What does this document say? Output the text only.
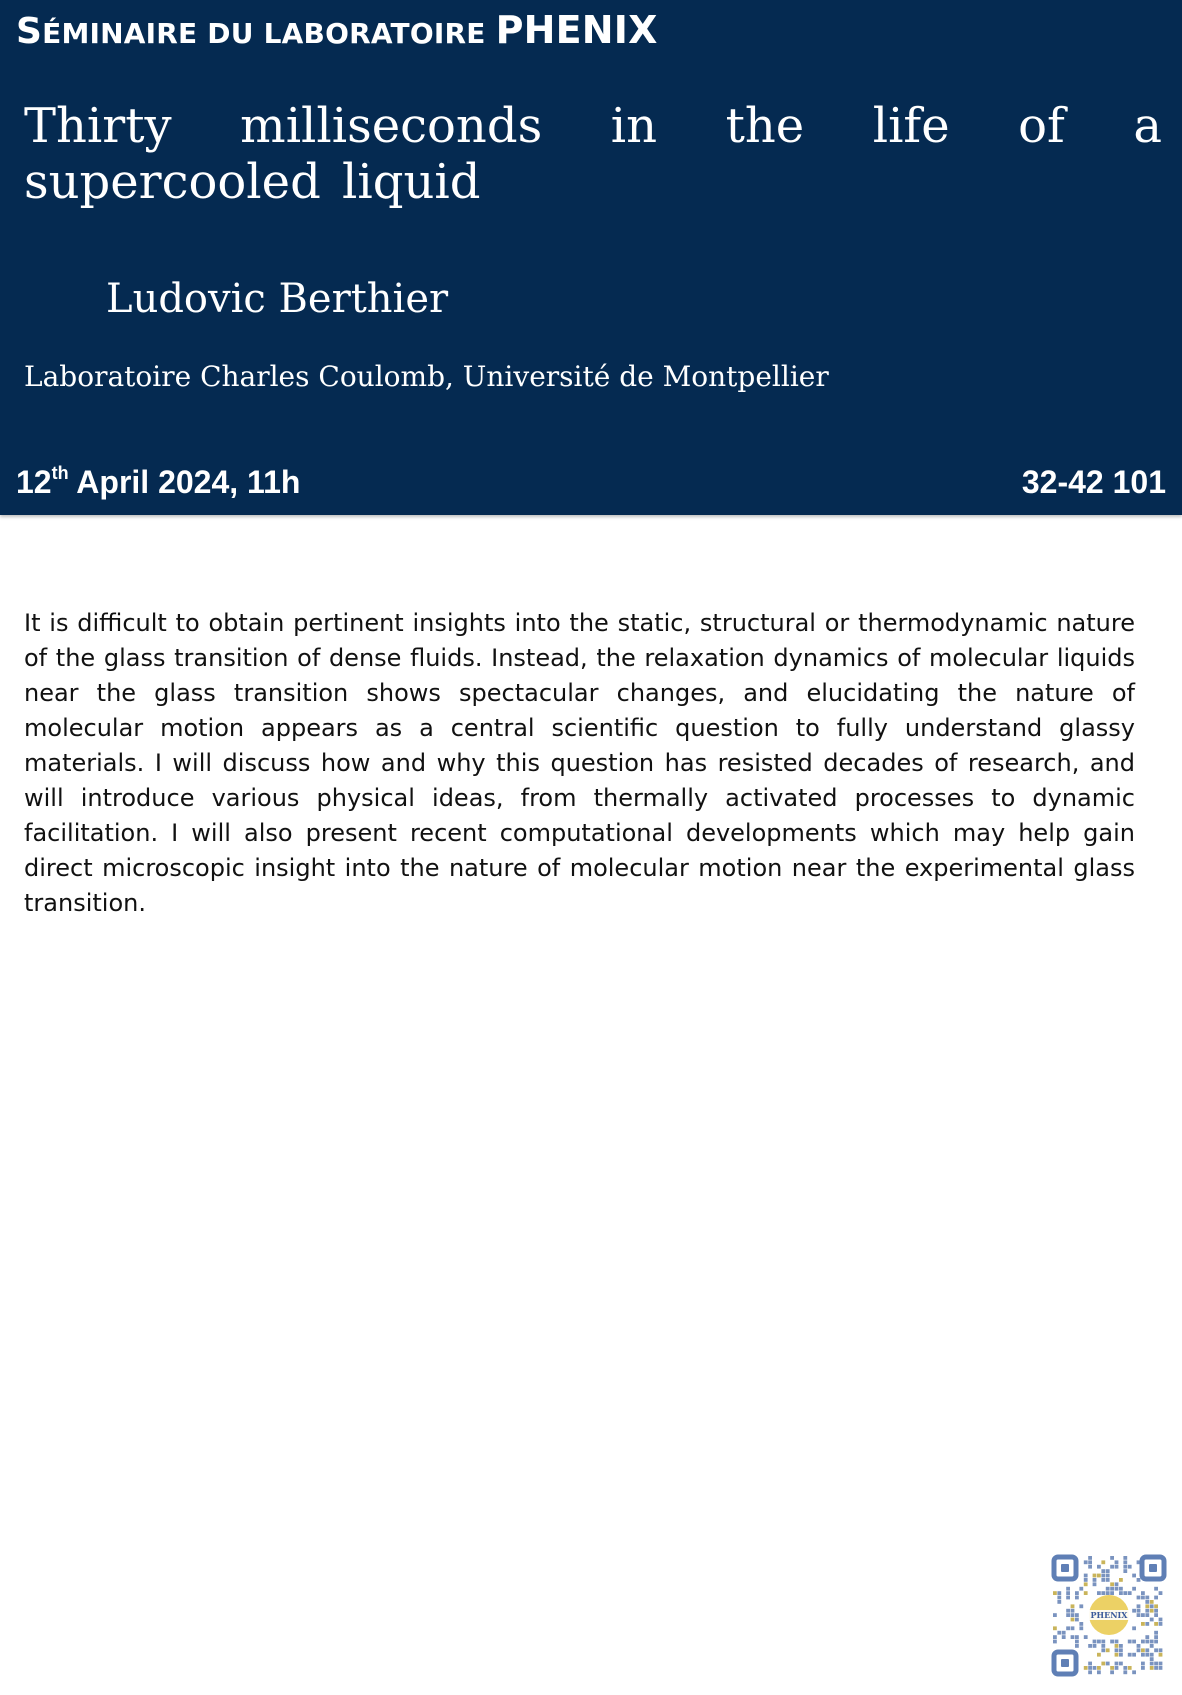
SÉMINAIRE DU LABORATOIRE PHENIX
Thirty milliseconds in the life of a supercooled liquid
Ludovic Berthier
Laboratoire Charles Coulomb, Université de Montpellier
12th April 2024, 11h	32-42 101

It is difficult to obtain pertinent insights into the static, structural or thermodynamic nature of the glass transition of dense fluids. Instead, the relaxation dynamics of molecular liquids near the glass transition shows spectacular changes, and elucidating the nature of molecular motion appears as a central scientific question to fully understand glassy materials. I will discuss how and why this question has resisted decades of research, and will introduce various physical ideas, from thermally activated processes to dynamic facilitation. I will also present recent computational developments which may help gain direct microscopic insight into the nature of molecular motion near the experimental glass transition.

PHENIX
